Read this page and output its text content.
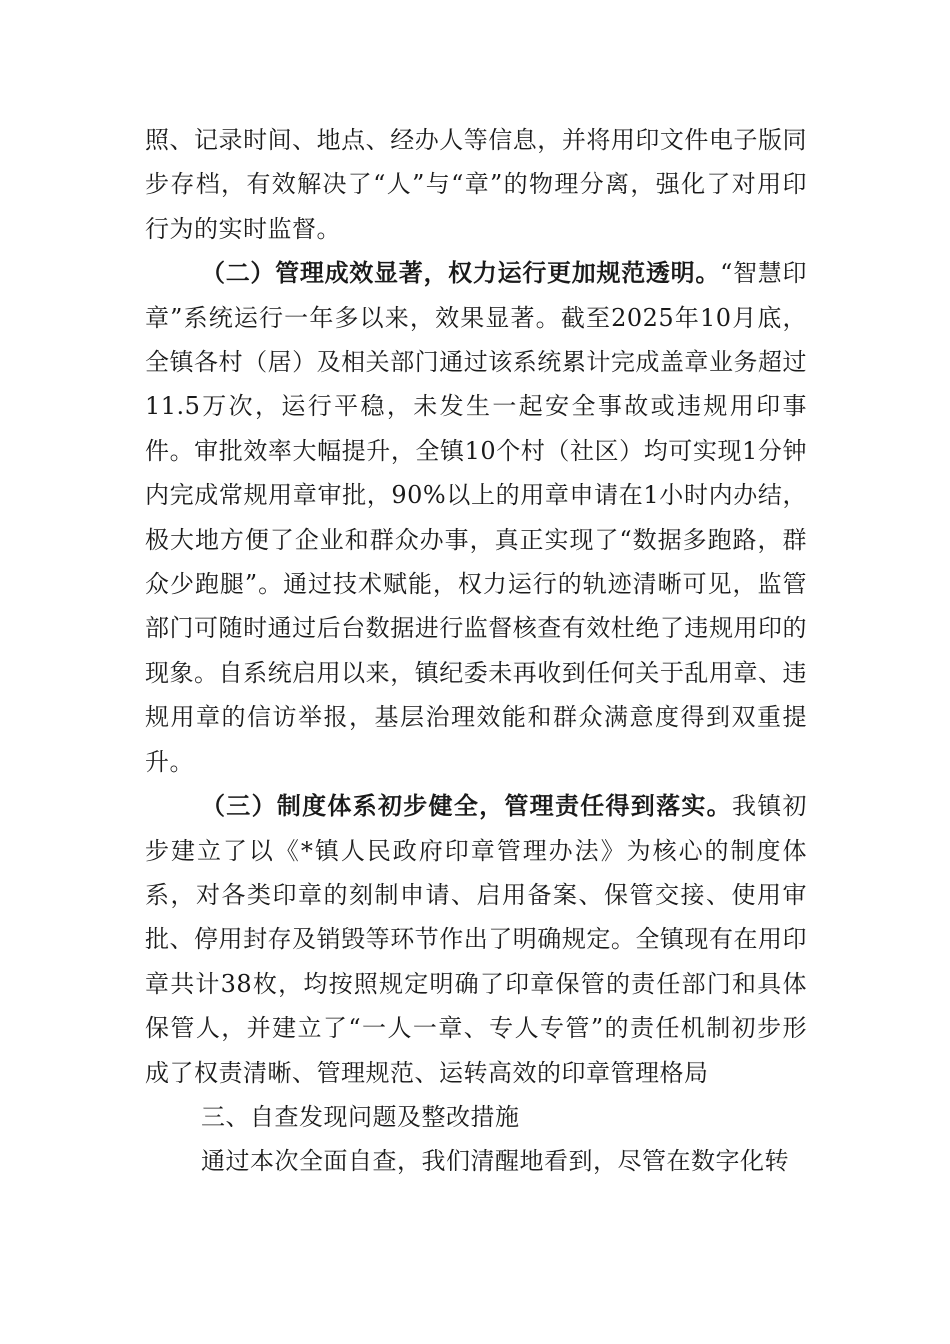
照、记录时间、地点、经办人等信息，并将用印文件电子版同步存档，有效解决了“人”与“章”的物理分离，强化了对用印行为的实时监督。

（二）管理成效显著，权力运行更加规范透明。“智慧印章”系统运行一年多以来，效果显著。截至2025年10月底，全镇各村（居）及相关部门通过该系统累计完成盖章业务超过11.5万次，运行平稳，未发生一起安全事故或违规用印事件。审批效率大幅提升，全镇10个村（社区）均可实现1分钟内完成常规用章审批，90%以上的用章申请在1小时内办结，极大地方便了企业和群众办事，真正实现了“数据多跑路，群众少跑腿”。通过技术赋能，权力运行的轨迹清晰可见，监管部门可随时通过后台数据进行监督核查有效杜绝了违规用印的现象。自系统启用以来，镇纪委未再收到任何关于乱用章、违规用章的信访举报，基层治理效能和群众满意度得到双重提升。

（三）制度体系初步健全，管理责任得到落实。我镇初步建立了以《*镇人民政府印章管理办法》为核心的制度体系，对各类印章的刻制申请、启用备案、保管交接、使用审批、停用封存及销毁等环节作出了明确规定。全镇现有在用印章共计38枚，均按照规定明确了印章保管的责任部门和具体保管人，并建立了“一人一章、专人专管”的责任机制初步形成了权责清晰、管理规范、运转高效的印章管理格局

三、自查发现问题及整改措施

通过本次全面自查，我们清醒地看到，尽管在数字化转
